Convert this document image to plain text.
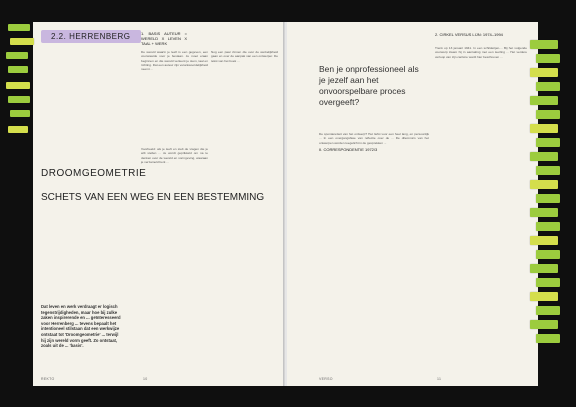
2.2. HERRENBERG	1. BASIS AUTEUR = WERELD X LEVEN X TAAL + WERK

De wereld waarin je leeft is een gegeven, een voorwaarde voor je bestaan. Je moet eraan beginnen en die wereld verleent je stem, taal en richting. Dat een auteur zijn verantwoordelijkheid neemt ...

Voorbeeld: als je leeft en stelt de vragen die je wilt stellen ... Je wordt geprikkeld om na te denken over de wereld en vormgeving, waaraan je verzameld bent ...

Nog een paar zinnen die over de werkelijkheid gaan en over de aanpak van een ontwerper. De tekst van het boek ...

DROOMGEOMETRIE
SCHETS VAN EEN WEG EN EEN BESTEMMING
Dat leven en werk verdraagt er logisch tegenstrijdigheden, maar hoe bij zulke zaken inspirerende en ... geïnteresseerd voor Herrenberg ... tevens bepaalt het intentioneel stilstaan dat een werkwijze ontstaat tot 'Droomgeometrie' ... terwijl hij zijn wereld vorm geeft. Zo ontstaat, zoals uit de ... 'basis'.
REKTO	10
Ben je onprofessioneel als je jezelf aan het onvoorspelbare proces overgeeft?

De spontaneïteit van het ontwerp? Het liefst voor een heel lang, en persoonlijk ... In een overgangsfase van reflectie over de ... De dilemma's van het ontwerpen worden toegelicht in de gesprekken ...

II. CORRESPONDENTIE 1972/3

2. CIRKEL VERSUS LIJN: 1974–1994

Trenk op 13 januari 1941. In een schilderijen-... Bij het volgende voorwerp kwam hij in aanraking met een leerling ... Het verdere verloop van zijn carrière wordt hier beschreven ...

VERSO	11
